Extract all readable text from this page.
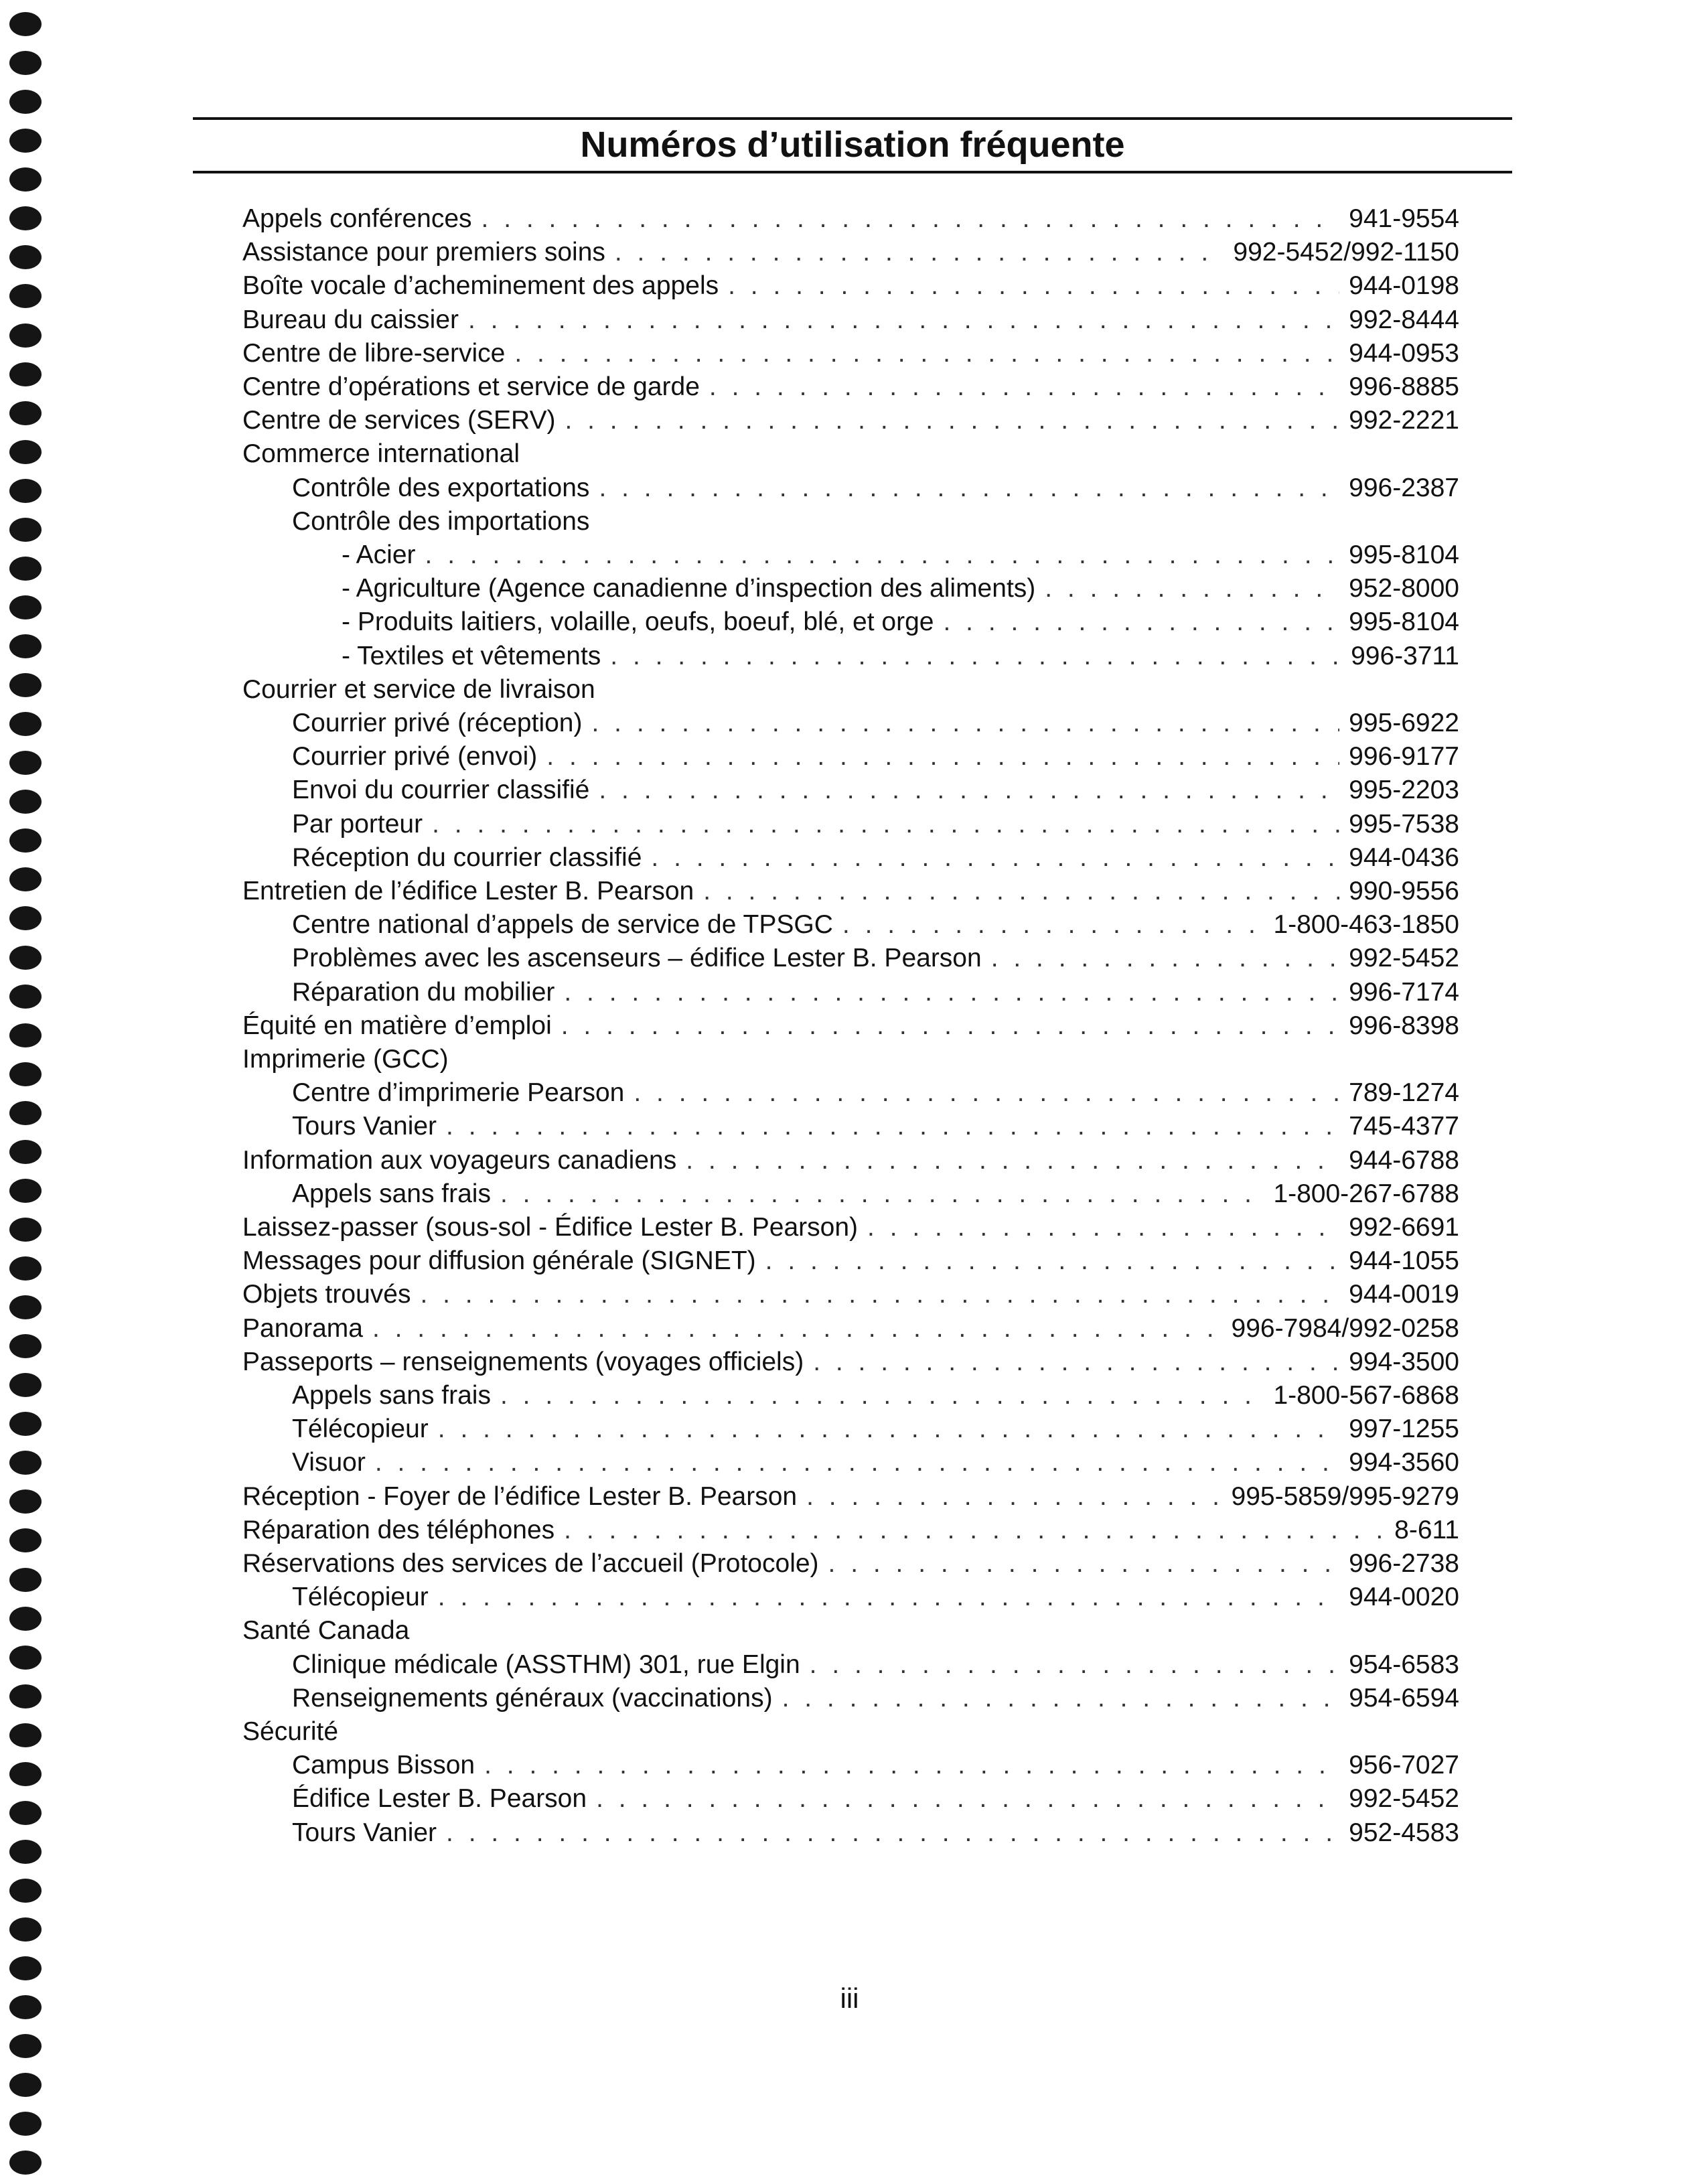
Numéros d’utilisation fréquente
Appels conférences . . .	941-9554
Assistance pour premiers soins . . .	992-5452/992-1150
Boîte vocale d’acheminement des appels . . .	944-0198
Bureau du caissier . . .	992-8444
Centre de libre-service . . .	944-0953
Centre d’opérations et service de garde . . .	996-8885
Centre de services (SERV) . . .	992-2221
Commerce international
Contrôle des exportations . . .	996-2387
Contrôle des importations
- Acier . . .	995-8104
- Agriculture (Agence canadienne d’inspection des aliments) . . .	952-8000
- Produits laitiers, volaille, oeufs, boeuf, blé, et orge . . .	995-8104
- Textiles et vêtements . . .	996-3711
Courrier et service de livraison
Courrier privé (réception) . . .	995-6922
Courrier privé (envoi) . . .	996-9177
Envoi du courrier classifié . . .	995-2203
Par porteur . . .	995-7538
Réception du courrier classifié . . .	944-0436
Entretien de l’édifice Lester B. Pearson . . .	990-9556
Centre national d’appels de service de TPSGC . . .	1-800-463-1850
Problèmes avec les ascenseurs – édifice Lester B. Pearson . . .	992-5452
Réparation du mobilier . . .	996-7174
Équité en matière d’emploi . . .	996-8398
Imprimerie (GCC)
Centre d’imprimerie Pearson . . .	789-1274
Tours Vanier . . .	745-4377
Information aux voyageurs canadiens . . .	944-6788
Appels sans frais . . .	1-800-267-6788
Laissez-passer (sous-sol - Édifice Lester B. Pearson) . . .	992-6691
Messages pour diffusion générale (SIGNET) . . .	944-1055
Objets trouvés . . .	944-0019
Panorama . . .	996-7984/992-0258
Passeports – renseignements (voyages officiels) . . .	994-3500
Appels sans frais . . .	1-800-567-6868
Télécopieur . . .	997-1255
Visuor . . .	994-3560
Réception - Foyer de l’édifice Lester B. Pearson . . .	995-5859/995-9279
Réparation des téléphones . . .	8-611
Réservations des services de l’accueil (Protocole) . . .	996-2738
Télécopieur . . .	944-0020
Santé Canada
Clinique médicale (ASSTHM) 301, rue Elgin . . .	954-6583
Renseignements généraux (vaccinations) . . .	954-6594
Sécurité
Campus Bisson . . .	956-7027
Édifice Lester B. Pearson . . .	992-5452
Tours Vanier . . .	952-4583
iii
